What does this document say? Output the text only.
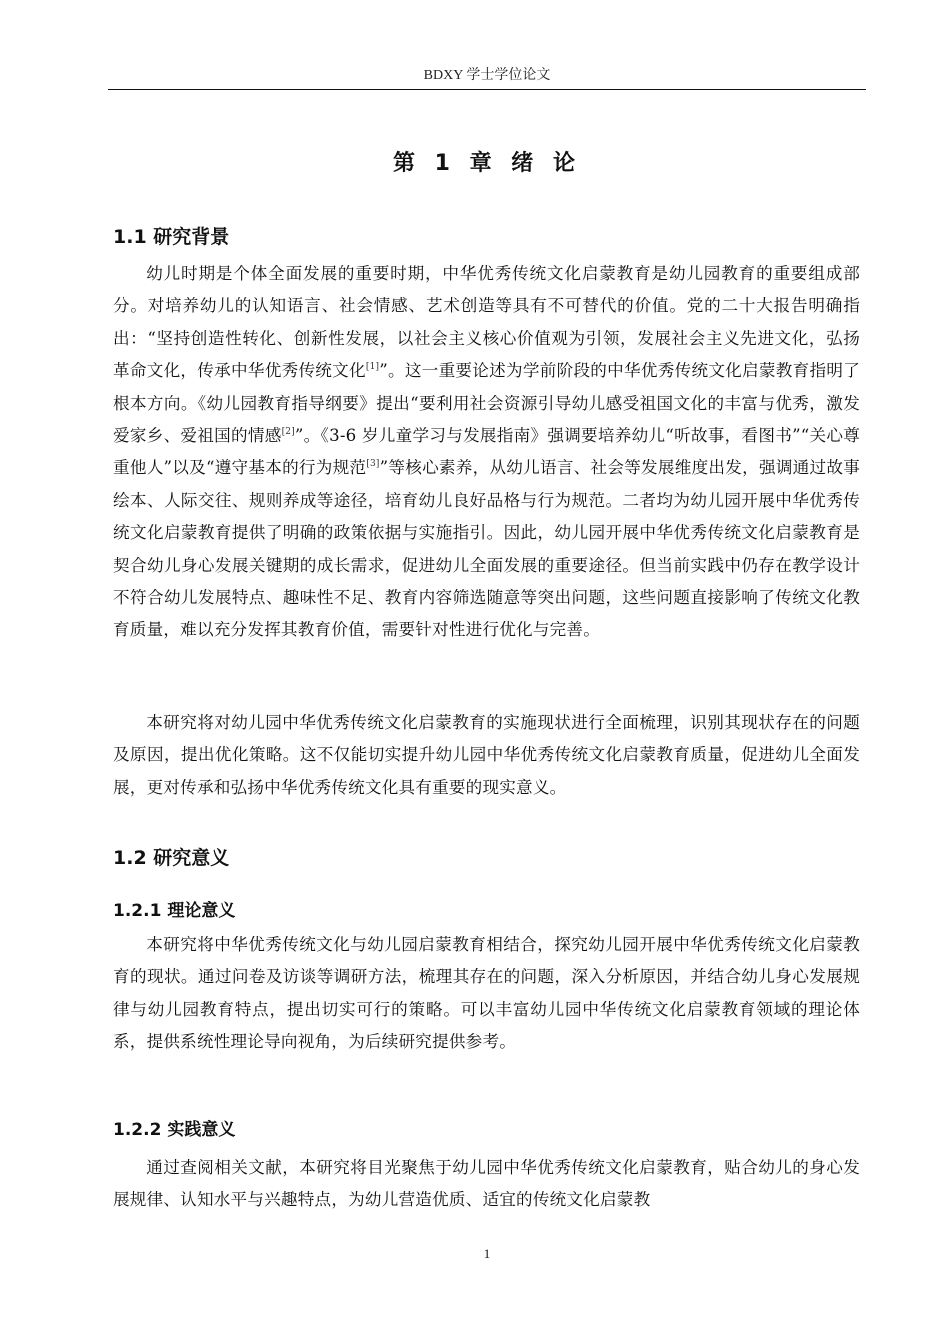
BDXY 学士学位论文
第 1 章 绪 论
1.1 研究背景

幼儿时期是个体全面发展的重要时期，中华优秀传统文化启蒙教育是幼儿园教育的重要组成部分。对培养幼儿的认知语言、社会情感、艺术创造等具有不可替代的价值。党的二十大报告明确指出：“坚持创造性转化、创新性发展，以社会主义核心价值观为引领，发展社会主义先进文化，弘扬革命文化，传承中华优秀传统文化[1]”。这一重要论述为学前阶段的中华优秀传统文化启蒙教育指明了根本方向。《幼儿园教育指导纲要》提出“要利用社会资源引导幼儿感受祖国文化的丰富与优秀，激发爱家乡、爱祖国的情感[2]”。《3-6 岁儿童学习与发展指南》强调要培养幼儿“听故事，看图书”“关心尊重他人”以及“遵守基本的行为规范[3]”等核心素养，从幼儿语言、社会等发展维度出发，强调通过故事绘本、人际交往、规则养成等途径，培育幼儿良好品格与行为规范。二者均为幼儿园开展中华优秀传统文化启蒙教育提供了明确的政策依据与实施指引。因此，幼儿园开展中华优秀传统文化启蒙教育是契合幼儿身心发展关键期的成长需求，促进幼儿全面发展的重要途径。但当前实践中仍存在教学设计不符合幼儿发展特点、趣味性不足、教育内容筛选随意等突出问题，这些问题直接影响了传统文化教育质量，难以充分发挥其教育价值，需要针对性进行优化与完善。

本研究将对幼儿园中华优秀传统文化启蒙教育的实施现状进行全面梳理，识别其现状存在的问题及原因，提出优化策略。这不仅能切实提升幼儿园中华优秀传统文化启蒙教育质量，促进幼儿全面发展，更对传承和弘扬中华优秀传统文化具有重要的现实意义。

1.2 研究意义
1.2.1 理论意义

本研究将中华优秀传统文化与幼儿园启蒙教育相结合，探究幼儿园开展中华优秀传统文化启蒙教育的现状。通过问卷及访谈等调研方法，梳理其存在的问题，深入分析原因，并结合幼儿身心发展规律与幼儿园教育特点，提出切实可行的策略。可以丰富幼儿园中华传统文化启蒙教育领域的理论体系，提供系统性理论导向视角，为后续研究提供参考。

1.2.2 实践意义

通过查阅相关文献，本研究将目光聚焦于幼儿园中华优秀传统文化启蒙教育，贴合幼儿的身心发展规律、认知水平与兴趣特点，为幼儿营造优质、适宜的传统文化启蒙教

1
